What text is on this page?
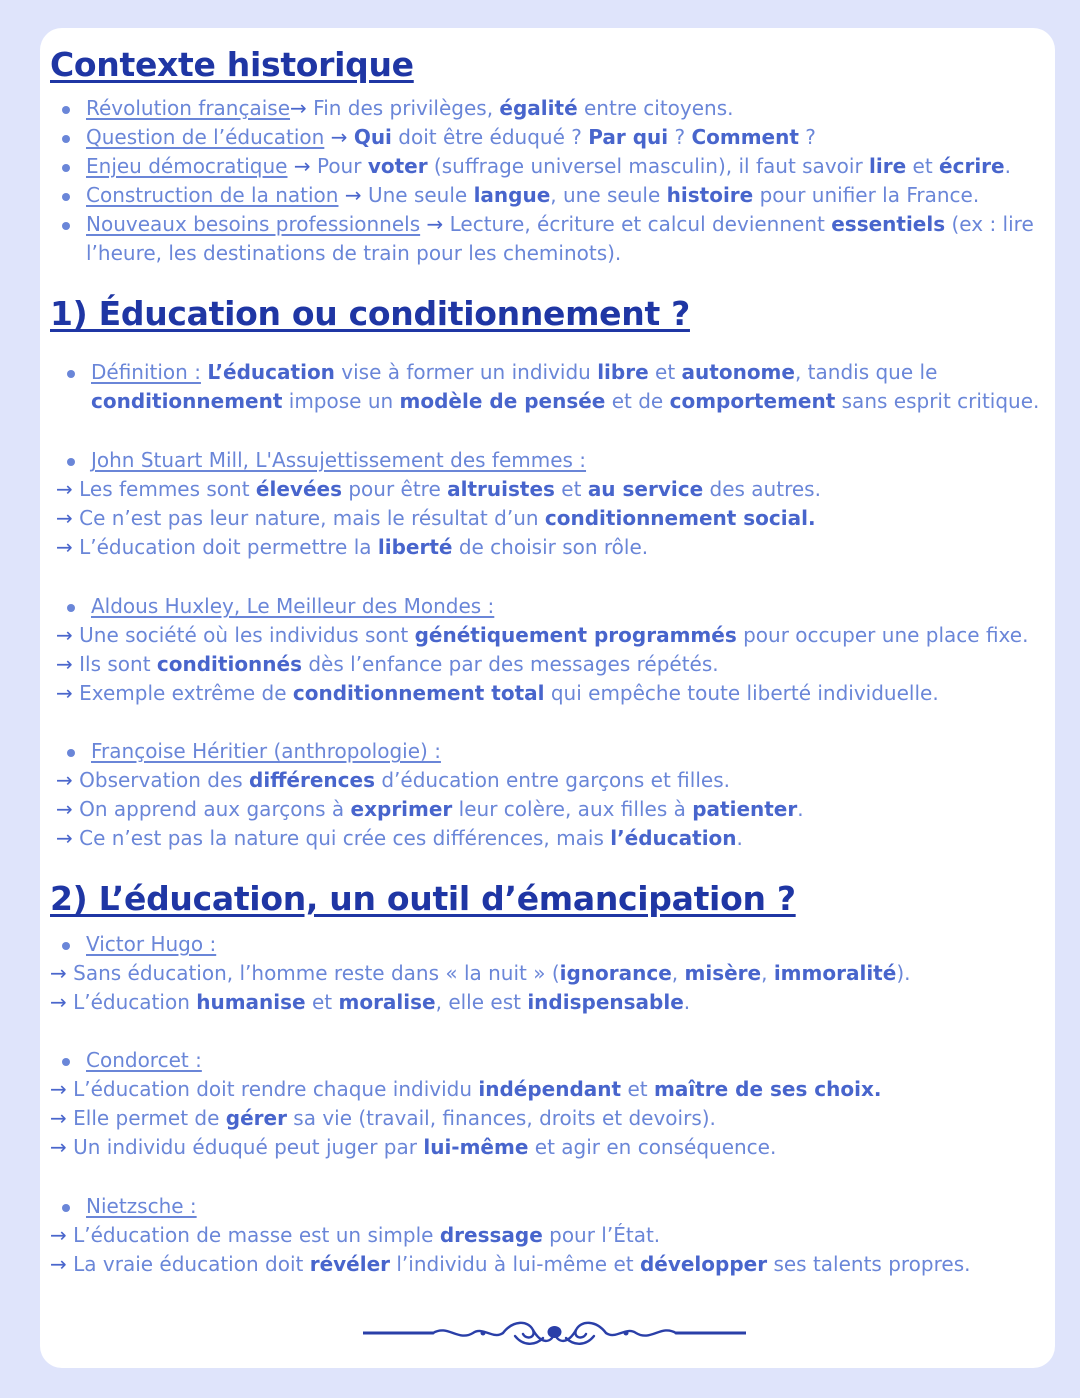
Contexte historique
Révolution française→ Fin des privilèges, égalité entre citoyens.
Question de l’éducation → Qui doit être éduqué ? Par qui ? Comment ?
Enjeu démocratique → Pour voter (suffrage universel masculin), il faut savoir lire et écrire.
Construction de la nation → Une seule langue, une seule histoire pour unifier la France.
Nouveaux besoins professionnels → Lecture, écriture et calcul deviennent essentiels (ex : lire
l’heure, les destinations de train pour les cheminots).
1) Éducation ou conditionnement ?
Définition : L’éducation vise à former un individu libre et autonome, tandis que le
conditionnement impose un modèle de pensée et de comportement sans esprit critique.
John Stuart Mill, L'Assujettissement des femmes :
→ Les femmes sont élevées pour être altruistes et au service des autres.
→ Ce n’est pas leur nature, mais le résultat d’un conditionnement social.
→ L’éducation doit permettre la liberté de choisir son rôle.
Aldous Huxley, Le Meilleur des Mondes :
→ Une société où les individus sont génétiquement programmés pour occuper une place fixe.
→ Ils sont conditionnés dès l’enfance par des messages répétés.
→ Exemple extrême de conditionnement total qui empêche toute liberté individuelle.
Françoise Héritier (anthropologie) :
→ Observation des différences d’éducation entre garçons et filles.
→ On apprend aux garçons à exprimer leur colère, aux filles à patienter.
→ Ce n’est pas la nature qui crée ces différences, mais l’éducation.
2) L’éducation, un outil d’émancipation ?
Victor Hugo :
→ Sans éducation, l’homme reste dans « la nuit » (ignorance, misère, immoralité).
→ L’éducation humanise et moralise, elle est indispensable.
Condorcet :
→ L’éducation doit rendre chaque individu indépendant et maître de ses choix.
→ Elle permet de gérer sa vie (travail, finances, droits et devoirs).
→ Un individu éduqué peut juger par lui-même et agir en conséquence.
Nietzsche :
→ L’éducation de masse est un simple dressage pour l’État.
→ La vraie éducation doit révéler l’individu à lui-même et développer ses talents propres.
